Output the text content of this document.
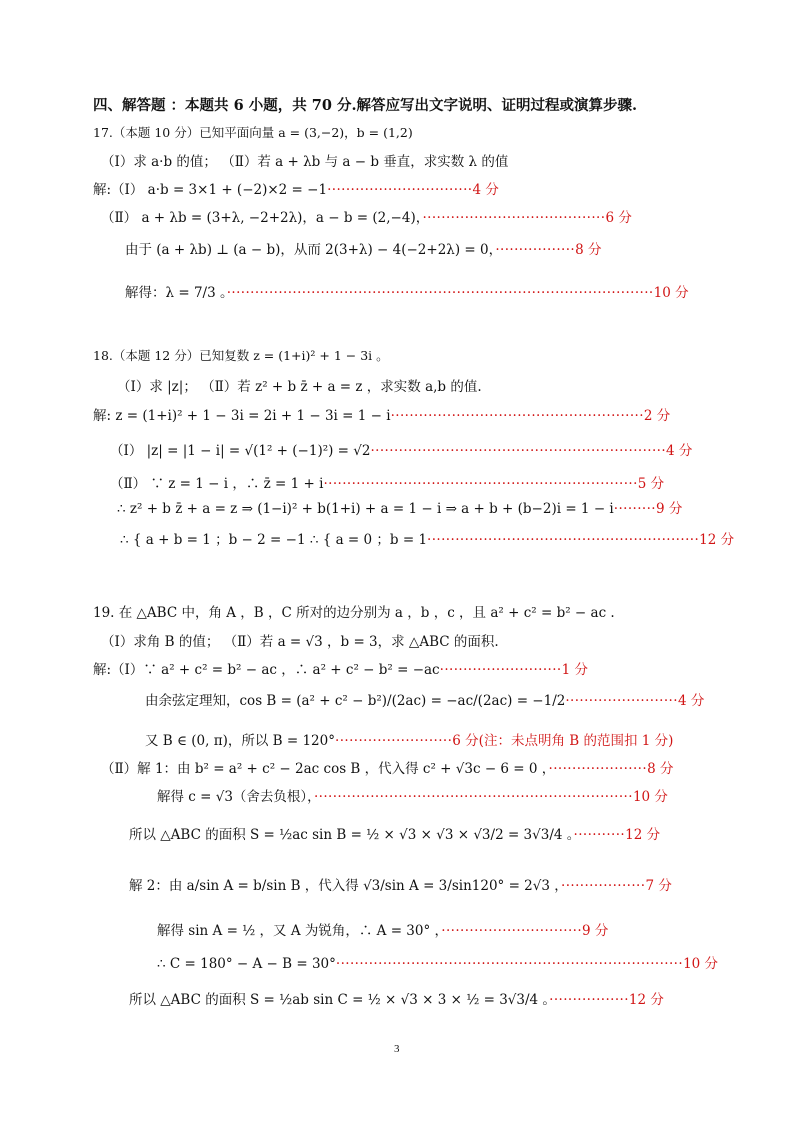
四、解答题 ：本题共 6 小题，共 70 分.解答应写出文字说明、证明过程或演算步骤.
17.（本题 10 分）已知平面向量 a = (3,−2)，b = (1,2)
（Ⅰ）求 a·b 的值； （Ⅱ）若 a + λb 与 a − b 垂直，求实数 λ 的值
解:（Ⅰ） a·b = 3×1 + (−2)×2 = −1·······························4 分
（Ⅱ） a + λb = (3+λ, −2+2λ)，a − b = (2,−4)，·······································6 分
由于 (a + λb) ⊥ (a − b)，从而 2(3+λ) − 4(−2+2λ) = 0，·················8 分
解得：λ = 7/3 。···························································································10 分
18.（本题 12 分）已知复数 z = (1+i)² + 1 − 3i 。
（Ⅰ）求 |z|； （Ⅱ）若 z² + b z̄ + a = z ，求实数 a,b 的值.
解: z = (1+i)² + 1 − 3i = 2i + 1 − 3i = 1 − i······················································2 分
（Ⅰ） |z| = |1 − i| = √(1² + (−1)²) = √2·······························································4 分
（Ⅱ） ∵ z = 1 − i ，∴ z̄ = 1 + i···································································5 分
∴ z² + b z̄ + a = z ⇒ (1−i)² + b(1+i) + a = 1 − i ⇒ a + b + (b−2)i = 1 − i·········9 分
∴ { a + b = 1 ；b − 2 = −1 ∴ { a = 0 ；b = 1··························································12 分
19. 在 △ABC 中，角 A ，B ，C 所对的边分别为 a ，b ，c ，且 a² + c² = b² − ac .
（Ⅰ）求角 B 的值； （Ⅱ）若 a = √3 ，b = 3，求 △ABC 的面积.
解:（Ⅰ）∵ a² + c² = b² − ac ，∴ a² + c² − b² = −ac··························1 分
由余弦定理知，cos B = (a² + c² − b²)/(2ac) = −ac/(2ac) = −1/2························4 分
又 B ∈ (0, π)，所以 B = 120°·························6 分(注：未点明角 B 的范围扣 1 分)
（Ⅱ）解 1：由 b² = a² + c² − 2ac cos B ，代入得 c² + √3c − 6 = 0 ，·····················8 分
解得 c = √3（舍去负根），····································································10 分
所以 △ABC 的面积 S = ½ac sin B = ½ × √3 × √3 × √3/2 = 3√3/4 。···········12 分
解 2：由 a/sin A = b/sin B ，代入得 √3/sin A = 3/sin120° = 2√3 ，··················7 分
解得 sin A = ½ ，又 A 为锐角，∴ A = 30° ，······························9 分
∴ C = 180° − A − B = 30°··········································································10 分
所以 △ABC 的面积 S = ½ab sin C = ½ × √3 × 3 × ½ = 3√3/4 。·················12 分
3
